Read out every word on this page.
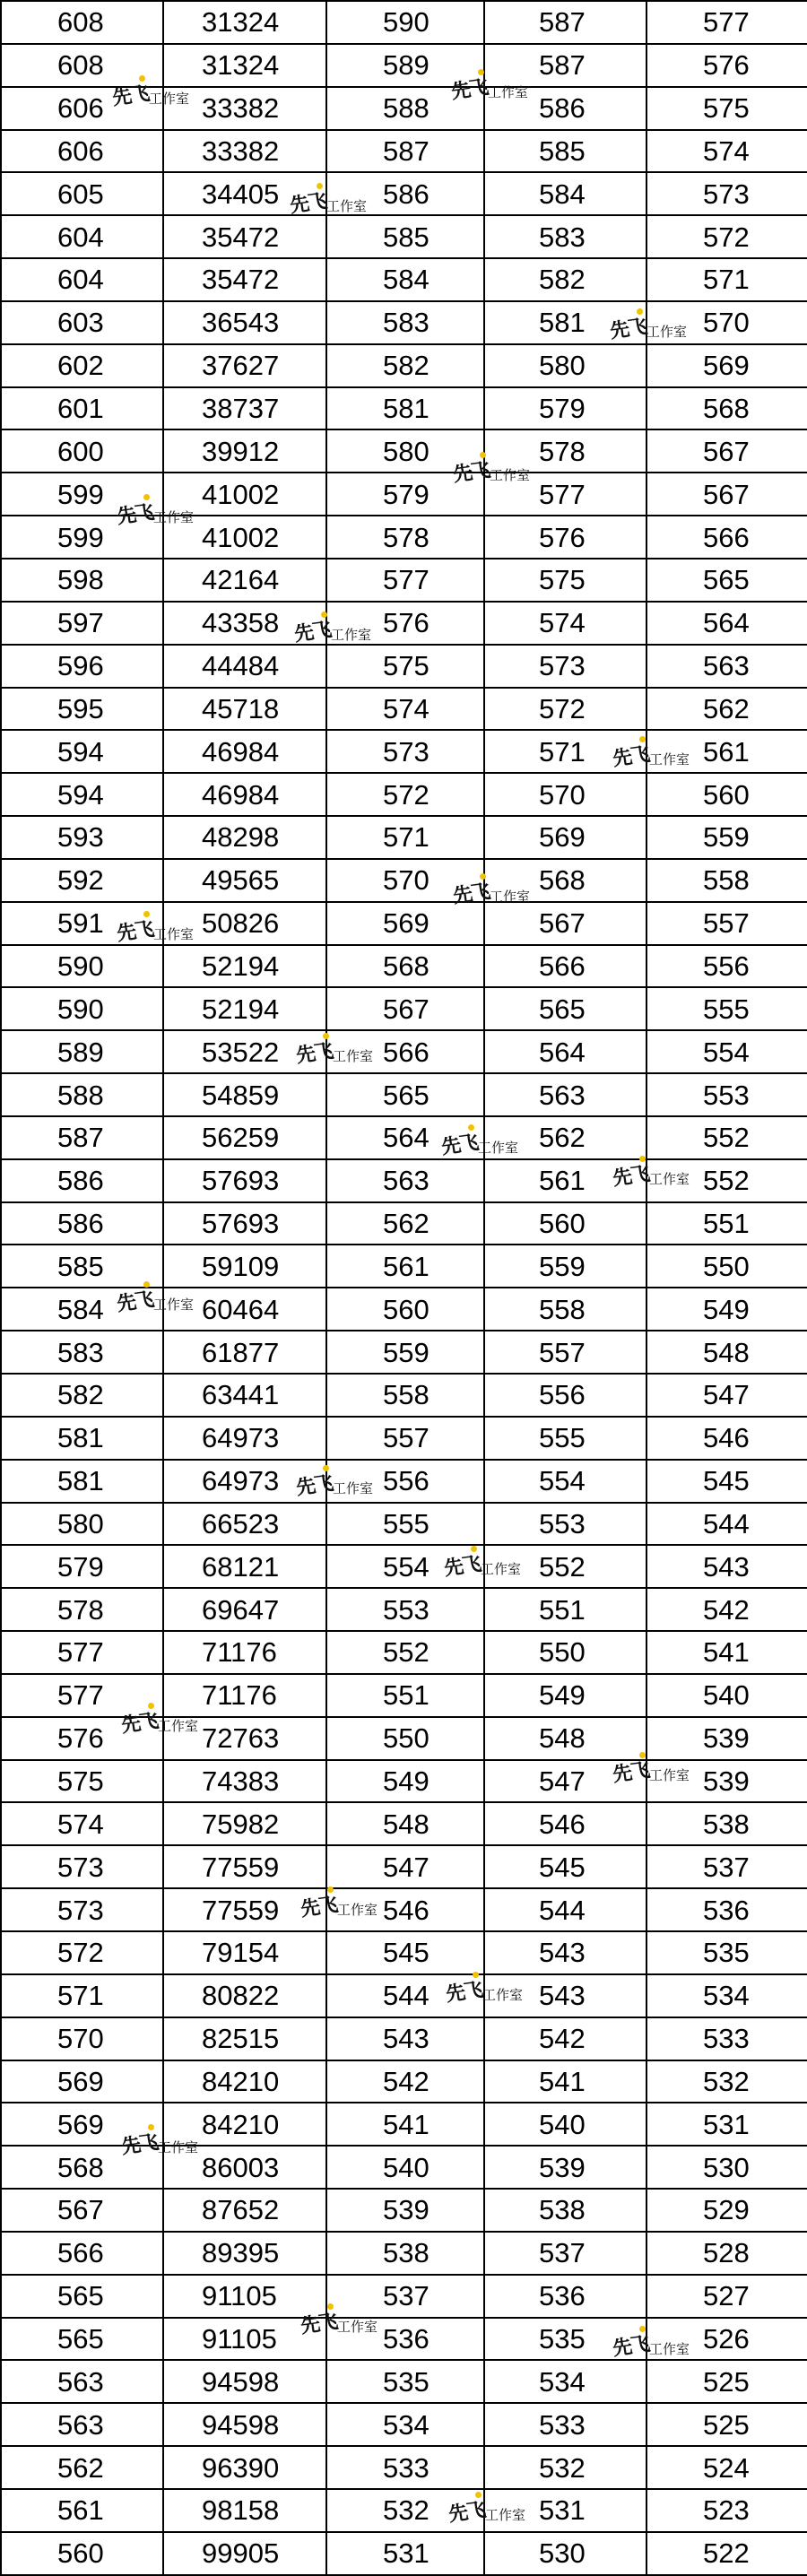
608	31324	590	587	577
608	31324	589	587	576
606	33382	588	586	575
606	33382	587	585	574
605	34405	586	584	573
604	35472	585	583	572
604	35472	584	582	571
603	36543	583	581	570
602	37627	582	580	569
601	38737	581	579	568
600	39912	580	578	567
599	41002	579	577	567
599	41002	578	576	566
598	42164	577	575	565
597	43358	576	574	564
596	44484	575	573	563
595	45718	574	572	562
594	46984	573	571	561
594	46984	572	570	560
593	48298	571	569	559
592	49565	570	568	558
591	50826	569	567	557
590	52194	568	566	556
590	52194	567	565	555
589	53522	566	564	554
588	54859	565	563	553
587	56259	564	562	552
586	57693	563	561	552
586	57693	562	560	551
585	59109	561	559	550
584	60464	560	558	549
583	61877	559	557	548
582	63441	558	556	547
581	64973	557	555	546
581	64973	556	554	545
580	66523	555	553	544
579	68121	554	552	543
578	69647	553	551	542
577	71176	552	550	541
577	71176	551	549	540
576	72763	550	548	539
575	74383	549	547	539
574	75982	548	546	538
573	77559	547	545	537
573	77559	546	544	536
572	79154	545	543	535
571	80822	544	543	534
570	82515	543	542	533
569	84210	542	541	532
569	84210	541	540	531
568	86003	540	539	530
567	87652	539	538	529
566	89395	538	537	528
565	91105	537	536	527
565	91105	536	535	526
563	94598	535	534	525
563	94598	534	533	525
562	96390	533	532	524
561	98158	532	531	523
560	99905	531	530	522
先飞 工作室
先飞 工作室
先飞 工作室
先飞 工作室
先飞 工作室
先飞 工作室
先飞 工作室
先飞 工作室
先飞 工作室
先飞 工作室
先飞 工作室
先飞 工作室
先飞 工作室
先飞 工作室
先飞 工作室
先飞 工作室
先飞 工作室
先飞 工作室
先飞 工作室
先飞 工作室
先飞 工作室
先飞 工作室
先飞 工作室
先飞 工作室
